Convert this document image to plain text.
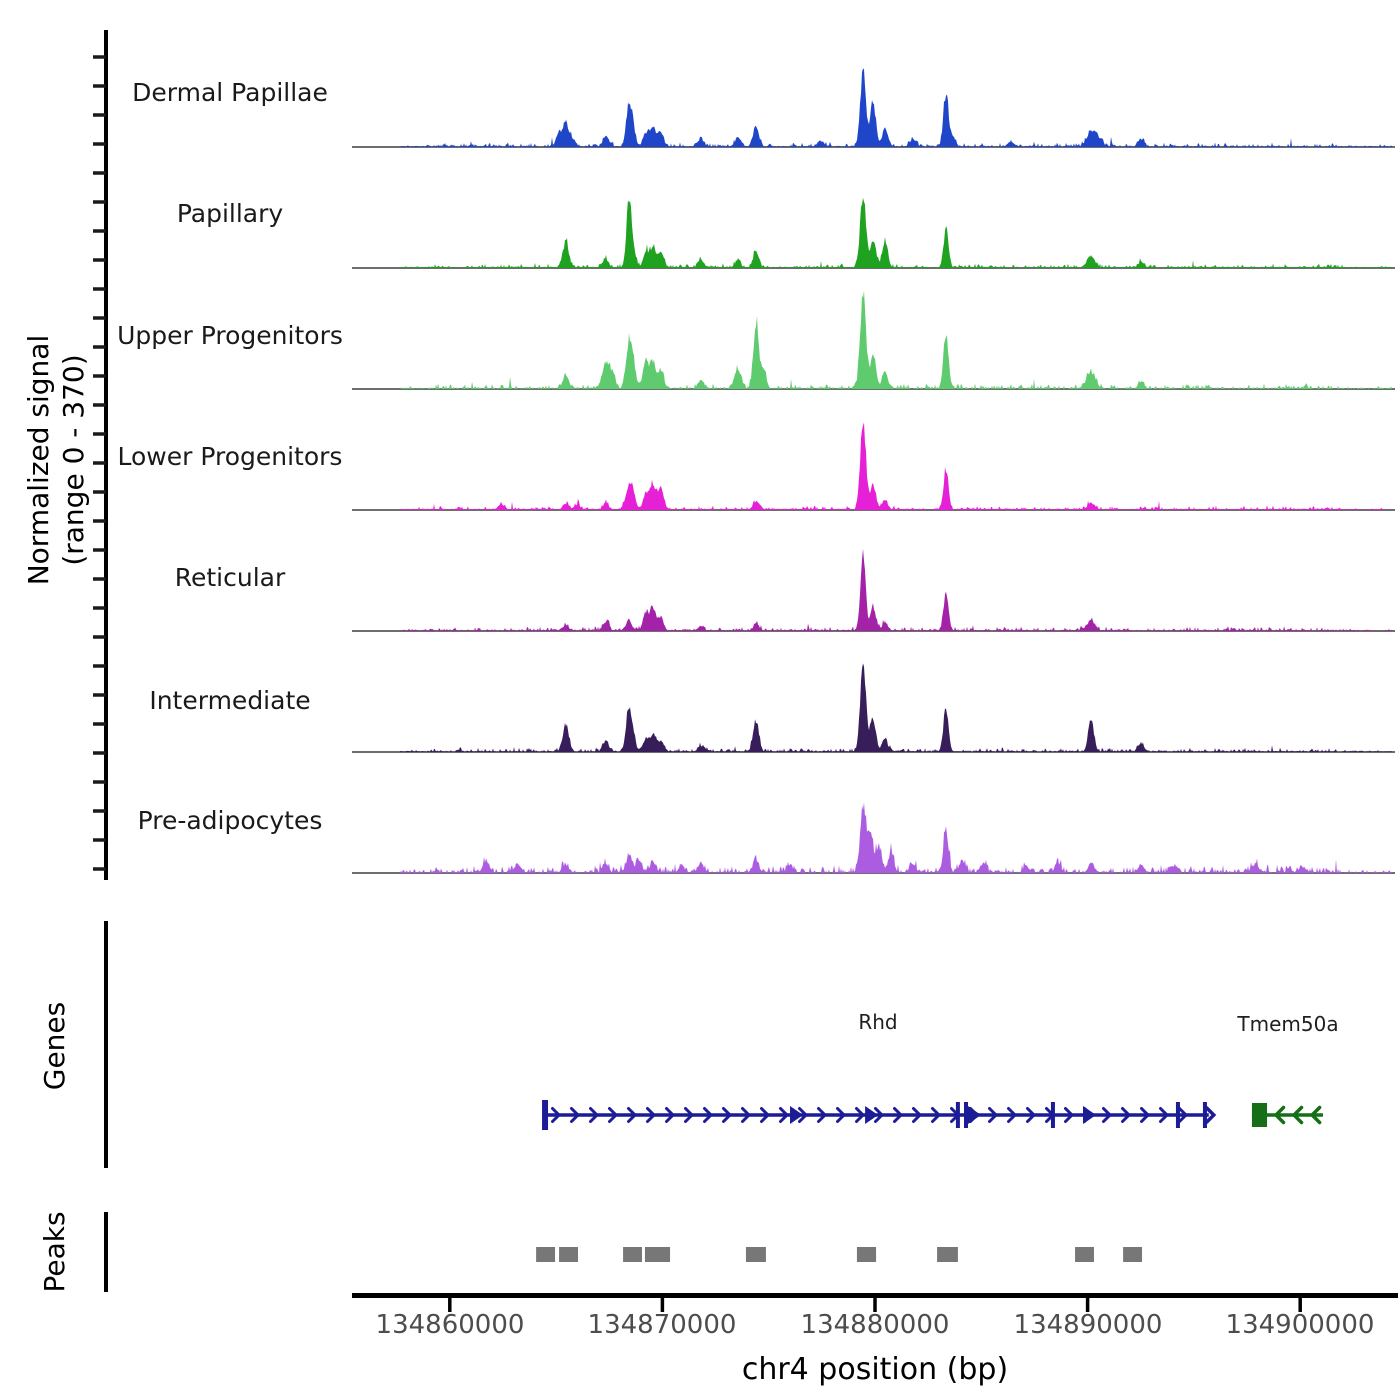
Normalized signal (range 0 - 370)
Dermal Papillae
Papillary
Upper Progenitors
Lower Progenitors
Reticular
Intermediate
Pre-adipocytes
Genes
Peaks
Rhd	Tmem50a
134860000	134870000	134880000	134890000	134900000
chr4 position (bp)
